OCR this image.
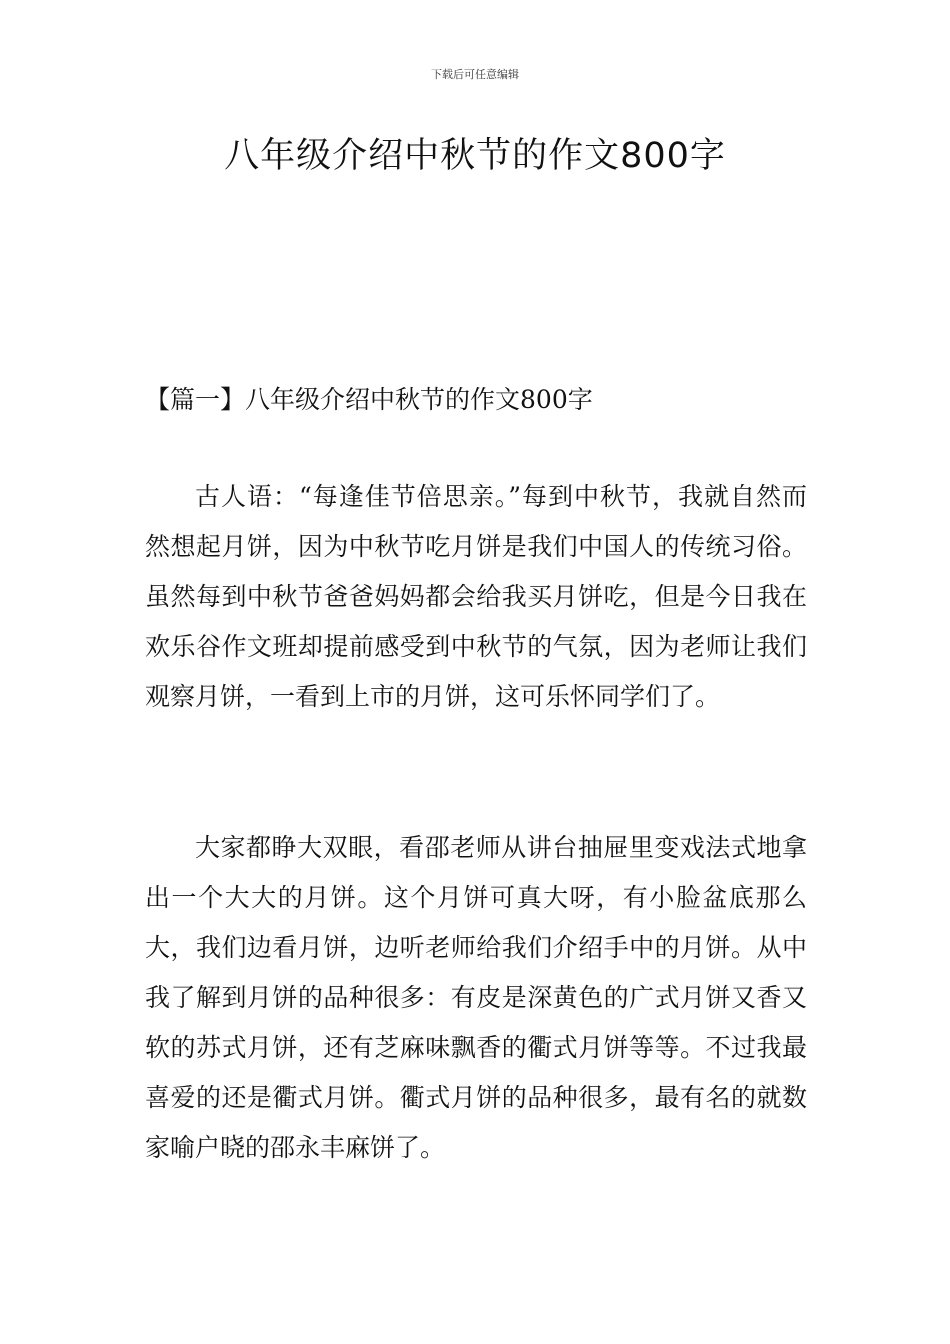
下载后可任意编辑
八年级介绍中秋节的作文800字
【篇一】八年级介绍中秋节的作文800字

古人语：“每逢佳节倍思亲。”每到中秋节，我就自然而然想起月饼，因为中秋节吃月饼是我们中国人的传统习俗。虽然每到中秋节爸爸妈妈都会给我买月饼吃，但是今日我在欢乐谷作文班却提前感受到中秋节的气氛，因为老师让我们观察月饼，一看到上市的月饼，这可乐怀同学们了。

大家都睁大双眼，看邵老师从讲台抽屉里变戏法式地拿出一个大大的月饼。这个月饼可真大呀，有小脸盆底那么大，我们边看月饼，边听老师给我们介绍手中的月饼。从中我了解到月饼的品种很多：有皮是深黄色的广式月饼又香又软的苏式月饼，还有芝麻味飘香的衢式月饼等等。不过我最喜爱的还是衢式月饼。衢式月饼的品种很多，最有名的就数家喻户晓的邵永丰麻饼了。
